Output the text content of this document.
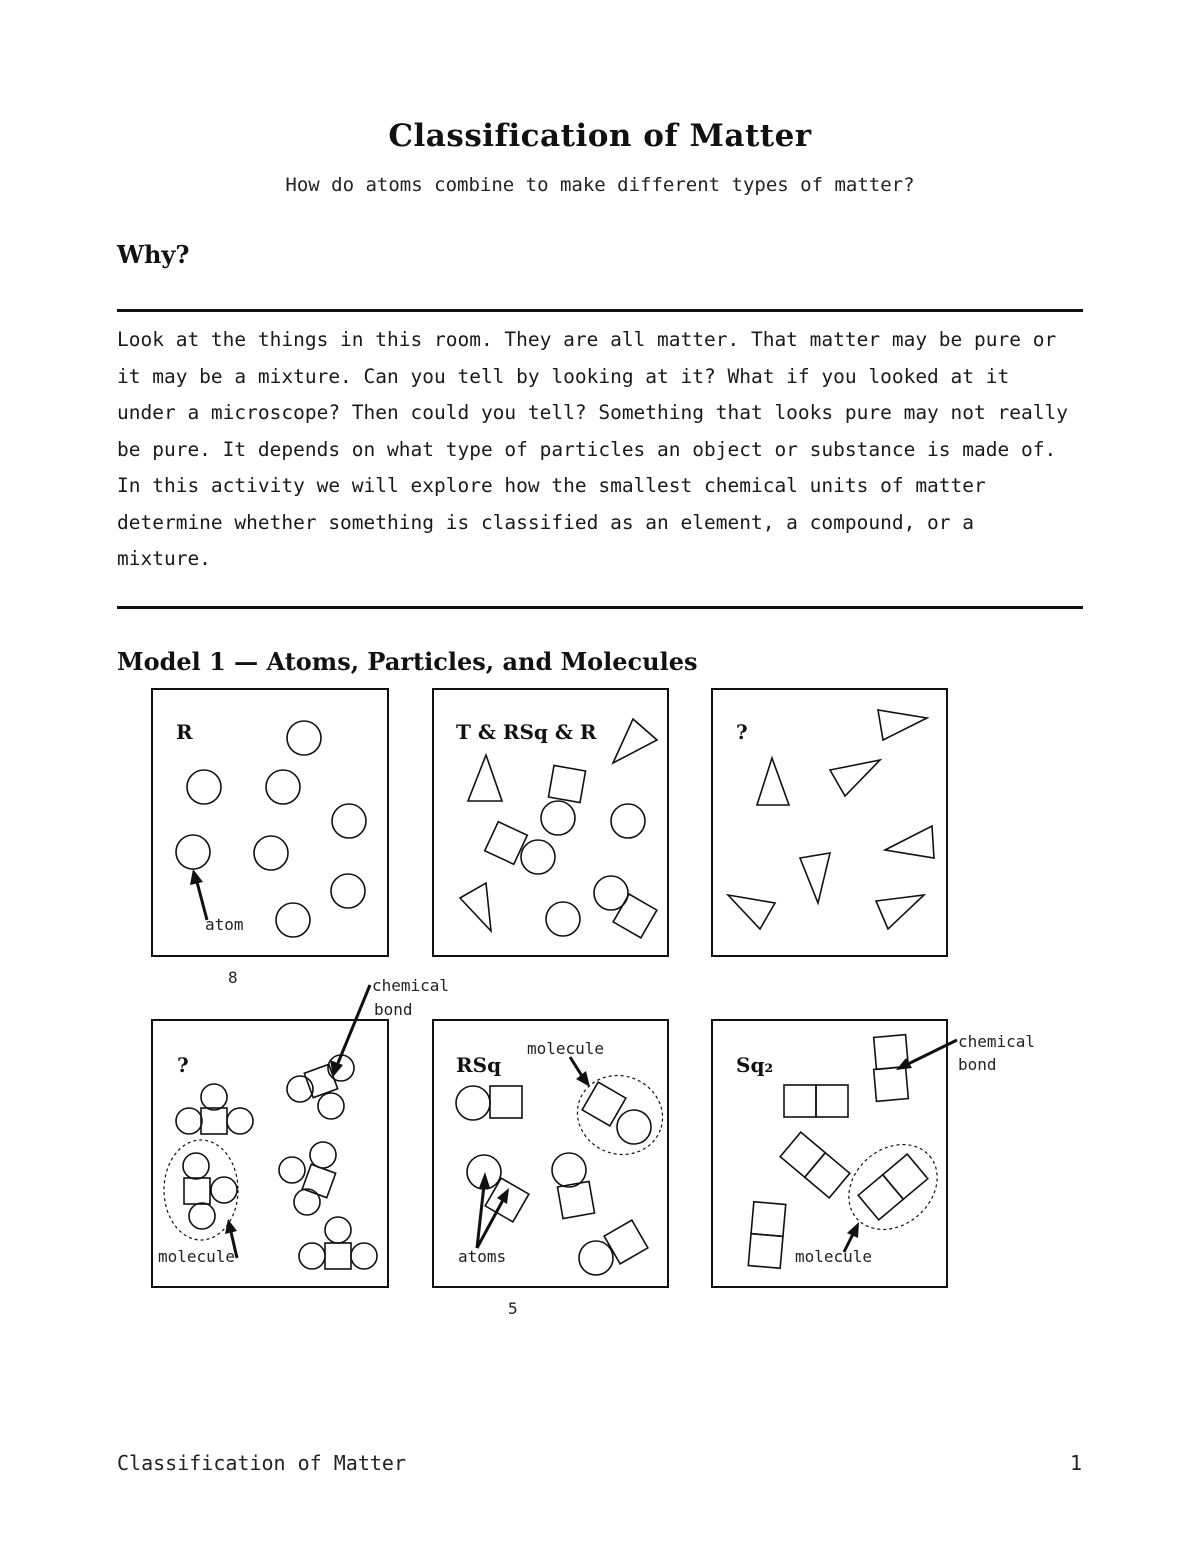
Classification of Matter
How do atoms combine to make different types of matter?
Why?
Look at the things in this room. They are all matter. That matter may be pure or
it may be a mixture. Can you tell by looking at it? What if you looked at it
under a microscope? Then could you tell? Something that looks pure may not really
be pure. It depends on what type of particles an object or substance is made of.
In this activity we will explore how the smallest chemical units of matter
determine whether something is classified as an element, a compound, or a
mixture.
Model 1 — Atoms, Particles, and Molecules
R	T & RSq & R	?
?	RSq	Sq₂
atom
8	chemical
bond
molecule
molecule
atoms
chemical
bond
molecule
5
Classification of Matter	1
